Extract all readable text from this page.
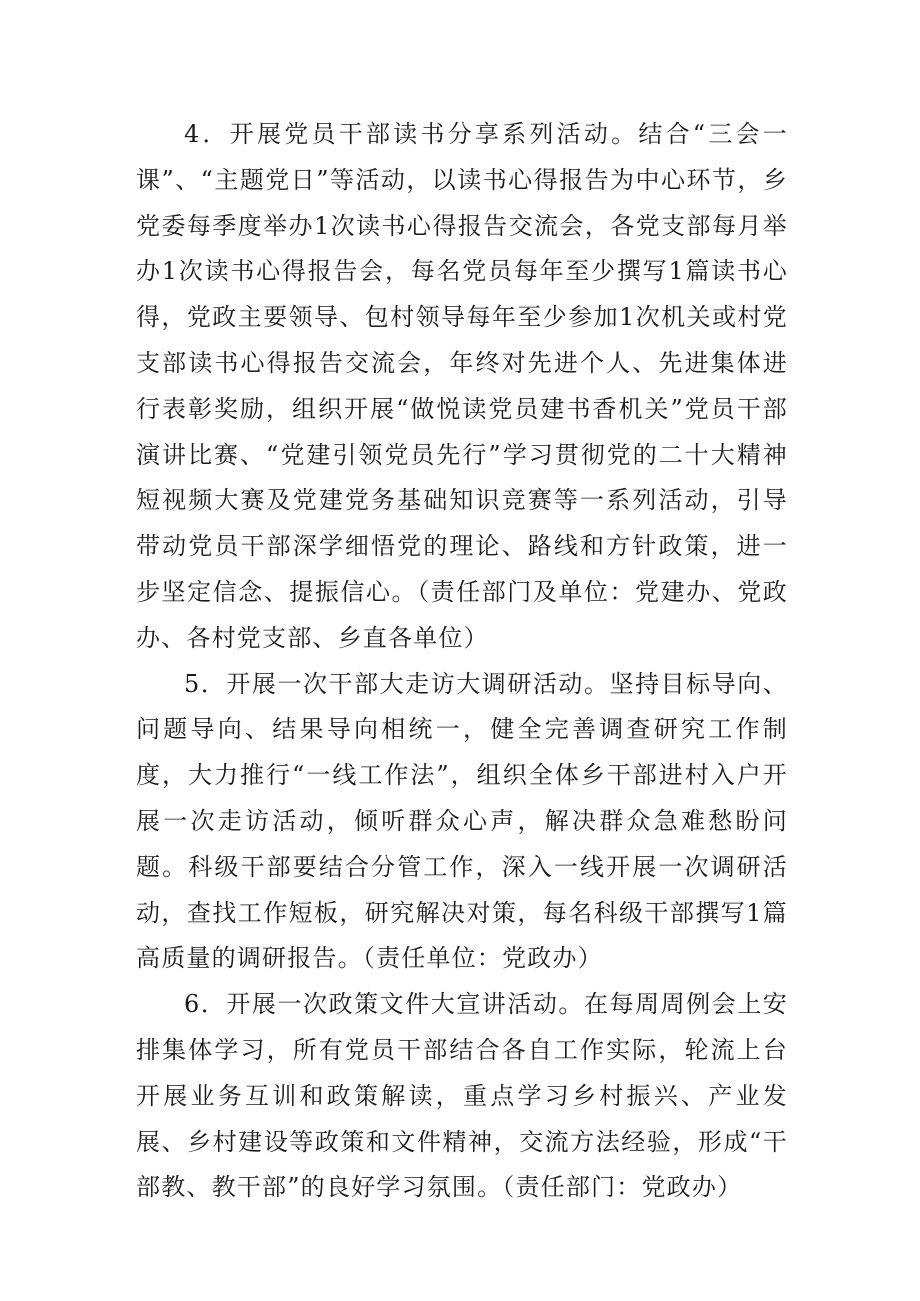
4．开展党员干部读书分享系列活动。结合“三会一课”、“主题党日”等活动，以读书心得报告为中心环节，乡党委每季度举办1次读书心得报告交流会，各党支部每月举办1次读书心得报告会，每名党员每年至少撰写1篇读书心得，党政主要领导、包村领导每年至少参加1次机关或村党支部读书心得报告交流会，年终对先进个人、先进集体进行表彰奖励，组织开展“做悦读党员建书香机关”党员干部演讲比赛、“党建引领党员先行”学习贯彻党的二十大精神短视频大赛及党建党务基础知识竞赛等一系列活动，引导带动党员干部深学细悟党的理论、路线和方针政策，进一步坚定信念、提振信心。（责任部门及单位：党建办、党政办、各村党支部、乡直各单位）

5．开展一次干部大走访大调研活动。坚持目标导向、问题导向、结果导向相统一，健全完善调查研究工作制度，大力推行“一线工作法”，组织全体乡干部进村入户开展一次走访活动，倾听群众心声，解决群众急难愁盼问题。科级干部要结合分管工作，深入一线开展一次调研活动，查找工作短板，研究解决对策，每名科级干部撰写1篇高质量的调研报告。（责任单位：党政办）

6．开展一次政策文件大宣讲活动。在每周周例会上安排集体学习，所有党员干部结合各自工作实际，轮流上台开展业务互训和政策解读，重点学习乡村振兴、产业发展、乡村建设等政策和文件精神，交流方法经验，形成“干部教、教干部”的良好学习氛围。（责任部门：党政办）
